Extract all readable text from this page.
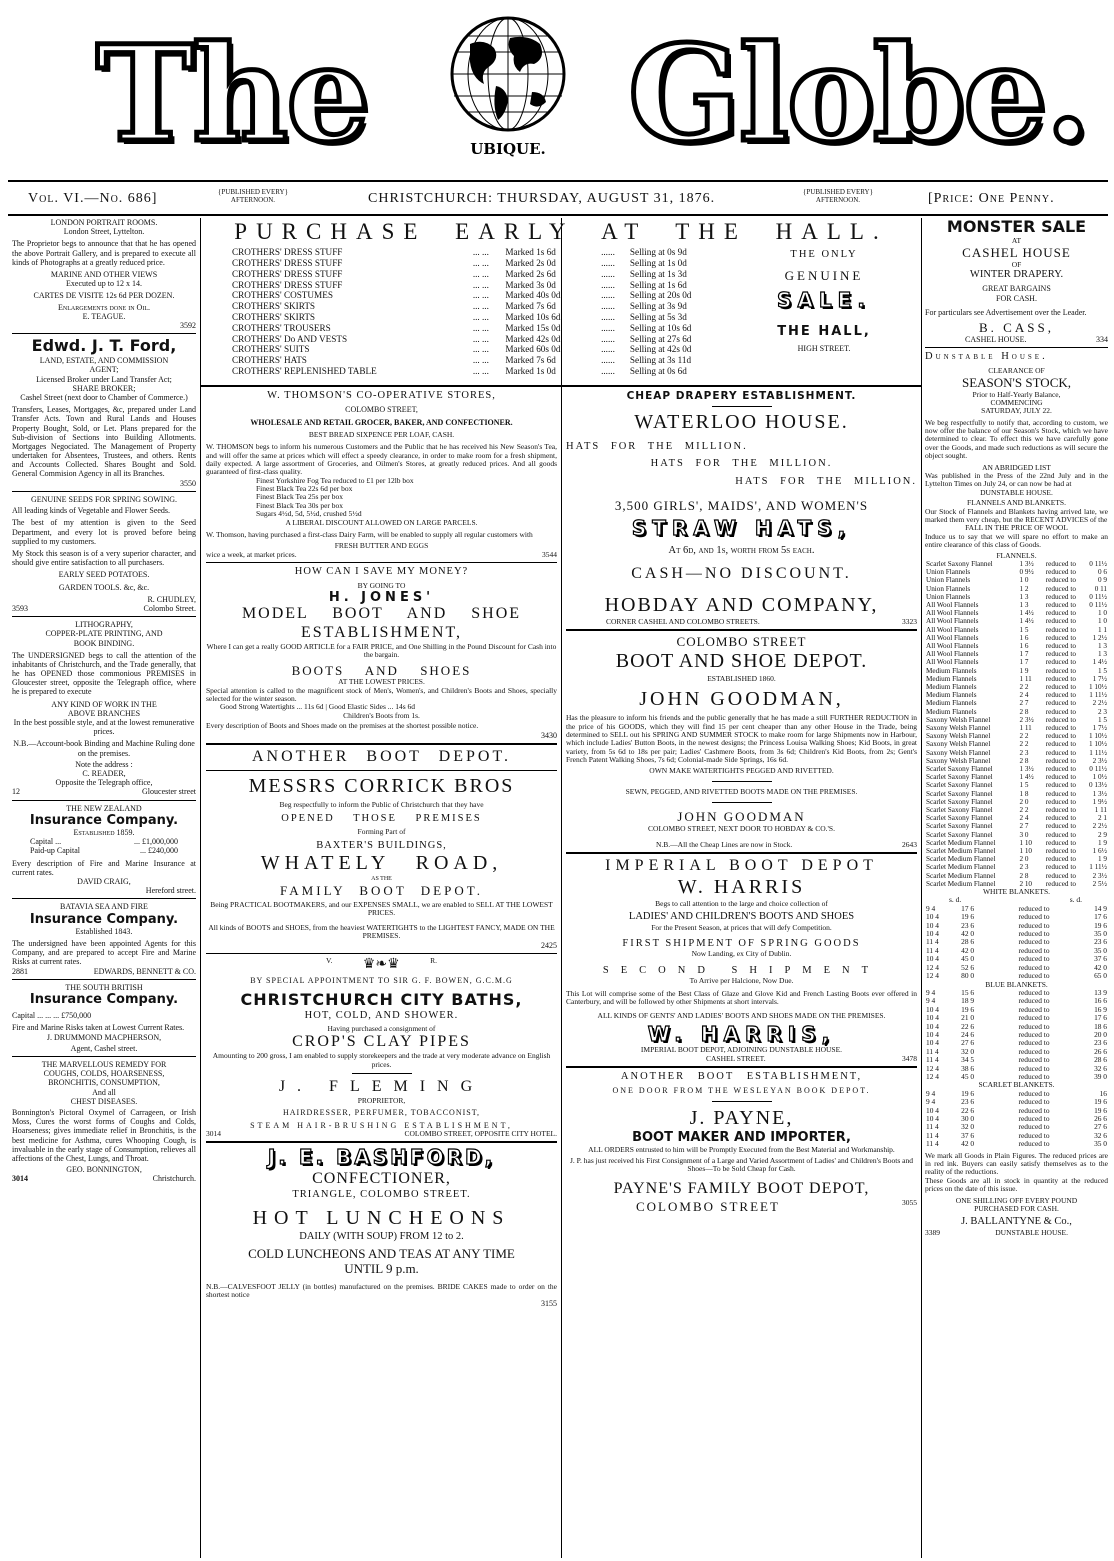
The	UBIQUE. Globe.
Vol. VI.—No. 686]	{PUBLISHED EVERY}
AFTERNOON.	CHRISTCHURCH: THURSDAY, AUGUST 31, 1876.	{PUBLISHED EVERY}
AFTERNOON.	[Price: One Penny.
LONDON PORTRAIT ROOMS.
London Street, Lyttelton.
The Proprietor begs to announce that that he has opened the above Portrait Gallery, and is prepared to execute all kinds of Photographs at a greatly reduced price.
MARINE AND OTHER VIEWS
Executed up to 12 x 14.
CARTES DE VISITE 12s 6d PER DOZEN.
Enlargements done in Oil.
E. TEAGUE.
3592
Edwd. J. T. Ford,
LAND, ESTATE, AND COMMISSION
AGENT;
Licensed Broker under Land Transfer Act;
SHARE BROKER;
Cashel Street (next door to Chamber of Commerce.)
Transfers, Leases, Mortgages, &c, prepared under Land Transfer Acts. Town and Rural Lands and Houses Property Bought, Sold, or Let. Plans prepared for the Sub-division of Sections into Building Allotments. Mortgages Negociated. The Management of Property undertaken for Absentees, Trustees, and others. Rents and Accounts Collected. Shares Bought and Sold. General Commision Agency in all its Branches.
3550
GENUINE SEEDS FOR SPRING SOWING.
All leading kinds of Vegetable and Flower Seeds.
The best of my attention is given to the Seed Department, and every lot is proved before being supplied to my customers.
My Stock this season is of a very superior character, and should give entire satisfaction to all purchasers.
EARLY SEED POTATOES.
GARDEN TOOLS. &c, &c.
R. CHUDLEY,
3593	Colombo Street.
LITHOGRAPHY,
COPPER-PLATE PRINTING, AND
BOOK BINDING.
The UNDERSIGNED begs to call the attention of the inhabitants of Christchurch, and the Trade generally, that he has OPENED those commonious PREMISES in Gloucester street, opposite the Telegraph office, where he is prepared to execute
ANY KIND OF WORK IN THE
ABOVE BRANCHES
In the best possible style, and at the lowest remunerative prices.
N.B.—Account-book Binding and Machine Ruling done on the premises.
Note the address :
C. READER,
Opposite the Telegraph office,
12	Gloucester street
THE NEW ZEALAND
Insurance Company.
Established 1859.
Capital ...	... £1,000,000
Paid-up Capital	... £240,000
Every description of Fire and Marine Insurance at current rates.
DAVID CRAIG,
Hereford street.
BATAVIA SEA AND FIRE
Insurance Company.
Established 1843.
The undersigned have been appointed Agents for this Company, and are prepared to accept Fire and Marine Risks at current rates.
2881	EDWARDS, BENNETT & CO.
THE SOUTH BRITISH
Insurance Company.
Capital ... ... ... £750,000
Fire and Marine Risks taken at Lowest Current Rates.
J. DRUMMOND MACPHERSON,
Agent, Cashel street.
THE MARVELLOUS REMEDY FOR
COUGHS, COLDS, HOARSENESS,
BRONCHITIS, CONSUMPTION,
And all
CHEST DISEASES.
Bonnington's Pictoral Oxymel of Carrageen, or Irish Moss, Cures the worst forms of Coughs and Colds, Hoarseness; gives immediate relief in Bronchitis, is the best medicine for Asthma, cures Whooping Cough, is invaluable in the early stage of Consumption, relieves all affections of the Chest, Lungs, and Throat.
GEO. BONNINGTON,
3014	Christchurch.
PURCHASE EARLY AT THE HALL.
CROTHERS' DRESS STUFF	... ...	Marked 1s 6d	......	Selling at 0s 9d
CROTHERS' DRESS STUFF	... ...	Marked 2s 0d	......	Selling at 1s 0d
CROTHERS' DRESS STUFF	... ...	Marked 2s 6d	......	Selling at 1s 3d
CROTHERS' DRESS STUFF	... ...	Marked 3s 0d	......	Selling at 1s 6d
CROTHERS' COSTUMES	... ...	Marked 40s 0d	......	Selling at 20s 0d
CROTHERS' SKIRTS	... ...	Marked 7s 6d	......	Selling at 3s 9d
CROTHERS' SKIRTS	... ...	Marked 10s 6d	......	Selling at 5s 3d
CROTHERS' TROUSERS	... ...	Marked 15s 0d	......	Selling at 10s 6d
CROTHERS' Do AND VESTS	... ...	Marked 42s 0d	......	Selling at 27s 6d
CROTHERS' SUITS	... ...	Marked 60s 0d	......	Selling at 42s 0d
CROTHERS' HATS	... ...	Marked 7s 6d	......	Selling at 3s 11d
CROTHERS' REPLENISHED TABLE	... ...	Marked 1s 0d	......	Selling at 0s 6d
THE ONLY
GENUINE
SALE.
THE HALL,
HIGH STREET.
W. THOMSON'S CO-OPERATIVE STORES,
COLOMBO STREET,
WHOLESALE AND RETAIL GROCER, BAKER, AND CONFECTIONER.
BEST BREAD SIXPENCE PER LOAF, CASH.
W. THOMSON begs to inform his numerous Customers and the Public that he has received his New Season's Tea, and will offer the same at prices which will effect a speedy clearance, in order to make room for a fresh shipment, daily expected. A large assortment of Groceries, and Oilmen's Stores, at greatly reduced prices. And all goods guaranteed of first-class quality.
Finest Yorkshire Fog Tea reduced to £1 per 12lb box
Finest Black Tea 22s 6d per box
Finest Black Tea 25s per box
Finest Black Tea 30s per box
Sugars 4½d, 5d, 5½d, crushed 5½d
A LIBERAL DISCOUNT ALLOWED ON LARGE PARCELS.
W. Thomson, having purchased a first-class Dairy Farm, will be enabled to supply all regular customers with
FRESH BUTTER AND EGGS
wice a week, at market prices.	3544
HOW CAN I SAVE MY MONEY?
BY GOING TO
H. JONES'
MODEL BOOT AND SHOE
ESTABLISHMENT,
Where I can get a really GOOD ARTICLE for a FAIR PRICE, and One Shilling in the Pound Discount for Cash into the bargain.
BOOTS AND SHOES
AT THE LOWEST PRICES.
Special attention is called to the magnificent stock of Men's, Women's, and Children's Boots and Shoes, specially selected for the winter season.
Good Strong Watertights ... 11s 6d | Good Elastic Sides ... 14s 6d
Children's Boots from 1s.
Every description of Boots and Shoes made on the premises at the shortest possible notice.
3430
ANOTHER BOOT DEPOT.
MESSRS CORRICK BROS
Beg respectfully to inform the Public of Christchurch that they have
OPENED THOSE PREMISES
Forming Part of
BAXTER'S BUILDINGS,
WHATELY ROAD,
AS THE
FAMILY BOOT DEPOT.
Being PRACTICAL BOOTMAKERS, and our EXPENSES SMALL, we are enabled to SELL AT THE LOWEST PRICES.
All kinds of BOOTS and SHOES, from the heaviest WATERTIGHTS to the LIGHTEST FANCY, MADE ON THE PREMISES.
2425
V. ♛❧♛	R.
BY SPECIAL APPOINTMENT TO SIR G. F. BOWEN, G.C.M.G
CHRISTCHURCH CITY BATHS,
HOT, COLD, AND SHOWER.
Having purchased a consignment of
CROP'S CLAY PIPES
Amounting to 200 gross, I am enabled to supply storekeepers and the trade at very moderate advance on English prices.
J. FLEMING
PROPRIETOR,
HAIRDRESSER, PERFUMER, TOBACCONIST,
STEAM HAIR-BRUSHING ESTABLISHMENT,
3014	COLOMBO STREET, OPPOSITE CITY HOTEL.
J. E. BASHFORD,
CONFECTIONER,
TRIANGLE, COLOMBO STREET.
HOT LUNCHEONS
DAILY (WITH SOUP) FROM 12 to 2.
COLD LUNCHEONS AND TEAS AT ANY TIME
UNTIL 9 p.m.
N.B.—CALVESFOOT JELLY (in bottles) manufactured on the premises. BRIDE CAKES made to order on the shortest notice
3155
CHEAP DRAPERY ESTABLISHMENT.
WATERLOO HOUSE.
HATS FOR THE MILLION.
HATS FOR THE MILLION.
HATS FOR THE MILLION.
3,500 GIRLS', MAIDS', AND WOMEN'S
STRAW HATS,
At 6d, and 1s, worth from 5s each.
CASH—NO DISCOUNT.
HOBDAY AND COMPANY,
CORNER CASHEL AND COLOMBO STREETS.	3323
COLOMBO STREET
BOOT AND SHOE DEPOT.
ESTABLISHED 1860.
JOHN GOODMAN,
Has the pleasure to inform his friends and the public generally that he has made a still FURTHER REDUCTION in the price of his GOODS, which they will find 15 per cent cheaper than any other House in the Trade, being determined to SELL out his SPRING AND SUMMER STOCK to make room for large Shipments now in Harbour, which include Ladies' Button Boots, in the newest designs; the Princess Louisa Walking Shoes; Kid Boots, in great variety, from 5s 6d to 18s per pair; Ladies' Cashmere Boots, from 3s 6d; Children's Kid Boots, from 2s; Gent's French Patent Walking Shoes, 7s 6d; Colonial-made Side Springs, 16s 6d.
OWN MAKE WATERTIGHTS PEGGED AND RIVETTED.
SEWN, PEGGED, AND RIVETTED BOOTS MADE ON THE PREMISES.
JOHN GOODMAN
COLOMBO STREET, NEXT DOOR TO HOBDAY & CO.'S.
N.B.—All the Cheap Lines are now in Stock.	2643
IMPERIAL BOOT DEPOT
W. HARRIS
Begs to call attention to the large and choice collection of
LADIES' AND CHILDREN'S BOOTS AND SHOES
For the Present Season, at prices that will defy Competition.
FIRST SHIPMENT OF SPRING GOODS
Now Landing, ex City of Dublin.
SECOND SHIPMENT
To Arrive per Halcione, Now Due.
This Lot will comprise some of the Best Class of Glaze and Glove Kid and French Lasting Boots ever offered in Canterbury, and will be followed by other Shipments at short intervals.
ALL KINDS OF GENTS' AND LADIES' BOOTS AND SHOES MADE ON THE PREMISES.
W. HARRIS,
IMPERIAL BOOT DEPOT, ADJOINING DUNSTABLE HOUSE.
CASHEL STREET.	3478
ANOTHER BOOT ESTABLISHMENT,
ONE DOOR FROM THE WESLEYAN BOOK DEPOT.
J. PAYNE,
BOOT MAKER AND IMPORTER,
ALL ORDERS entrusted to him will be Promptly Executed from the Best Material and Workmanship.
J. P. has just received his First Consignment of a Large and Varied Assortment of Ladies' and Children's Boots and Shoes—To be Sold Cheap for Cash.
PAYNE'S FAMILY BOOT DEPOT,
COLOMBO STREET	3055
MONSTER SALE
AT
CASHEL HOUSE
OF
WINTER DRAPERY.
GREAT BARGAINS
FOR CASH.
For particulars see Advertisement over the Leader.
B. CASS,
CASHEL HOUSE.	334
Dunstable House.
CLEARANCE OF
SEASON'S STOCK,
Prior to Half-Yearly Balance,
COMMENCING
SATURDAY, JULY 22.
We beg respectfully to notify that, according to custom, we now offer the balance of our Season's Stock, which we have determined to clear. To effect this we have carefully gone over the Goods, and made such reductions as will secure the object sought.
AN ABRIDGED LIST
Was published in the Press of the 22nd July and in the Lyttelton Times on July 24, or can now be had at
DUNSTABLE HOUSE.
FLANNELS AND BLANKETS.
Our Stock of Flannels and Blankets having arrived late, we marked them very cheap, but the RECENT ADVICES of the
FALL IN THE PRICE OF WOOL
Induce us to say that we will spare no effort to make an entire clearance of this class of Goods.
FLANNELS.
Scarlet Saxony Flannel	1 3½	reduced to	0 11½
Union Flannels	0 9½	reduced to	0 6
Union Flannels	1 0	reduced to	0 9
Union Flannels	1 2	reduced to	0 11
Union Flannels	1 3	reduced to	0 11½
All Wool Flannels	1 3	reduced to	0 11½
All Wool Flannels	1 4½	reduced to	1 0
All Wool Flannels	1 4½	reduced to	1 0
All Wool Flannels	1 5	reduced to	1 1
All Wool Flannels	1 6	reduced to	1 2½
All Wool Flannels	1 6	reduced to	1 3
All Wool Flannels	1 7	reduced to	1 3
All Wool Flannels	1 7	reduced to	1 4½
Medium Flannels	1 9	reduced to	1 5
Medium Flannels	1 11	reduced to	1 7½
Medium Flannels	2 2	reduced to	1 10½
Medium Flannels	2 4	reduced to	1 11½
Medium Flannels	2 7	reduced to	2 2½
Medium Flannels	2 8	reduced to	2 3
Saxony Welsh Flannel	2 3½	reduced to	1 5
Saxony Welsh Flannel	1 11	reduced to	1 7½
Saxony Welsh Flannel	2 2	reduced to	1 10½
Saxony Welsh Flannel	2 2	reduced to	1 10½
Saxony Welsh Flannel	2 3	reduced to	1 11½
Saxony Welsh Flannel	2 8	reduced to	2 3½
Scarlet Saxony Flannel	1 3½	reduced to	0 11½
Scarlet Saxony Flannel	1 4½	reduced to	1 0½
Scarlet Saxony Flannel	1 5	reduced to	0 13½
Scarlet Saxony Flannel	1 8	reduced to	1 3½
Scarlet Saxony Flannel	2 0	reduced to	1 9½
Scarlet Saxony Flannel	2 2	reduced to	1 11
Scarlet Saxony Flannel	2 4	reduced to	2 1
Scarlet Saxony Flannel	2 7	reduced to	2 2½
Scarlet Saxony Flannel	3 0	reduced to	2 9
Scarlet Medium Flannel	1 10	reduced to	1 9
Scarlet Medium Flannel	1 10	reduced to	1 6½
Scarlet Medium Flannel	2 0	reduced to	1 9
Scarlet Medium Flannel	2 3	reduced to	1 11½
Scarlet Medium Flannel	2 8	reduced to	2 3½
Scarlet Medium Flannel	2 10	reduced to	2 5½
WHITE BLANKETS.
s. d.	s. d.
9 4	17 6	reduced to	14 9
10 4	19 6	reduced to	17 6
10 4	23 6	reduced to	19 6
10 4	42 0	reduced to	35 0
11 4	28 6	reduced to	23 6
11 4	42 0	reduced to	35 0
10 4	45 0	reduced to	37 6
12 4	52 6	reduced to	42 0
12 4	80 0	reduced to	65 0
BLUE BLANKETS.
9 4	15 6	reduced to	13 9
9 4	18 9	reduced to	16 6
10 4	19 6	reduced to	16 9
10 4	21 0	reduced to	17 6
10 4	22 6	reduced to	18 6
10 4	24 6	reduced to	20 0
10 4	27 6	reduced to	23 6
11 4	32 0	reduced to	26 6
11 4	34 5	reduced to	28 6
12 4	38 6	reduced to	32 6
12 4	45 0	reduced to	39 0
SCARLET BLANKETS.
9 4	19 6	reduced to	16
9 4	23 6	reduced to	19 6
10 4	22 6	reduced to	19 6
10 4	30 0	reduced to	26 6
11 4	32 0	reduced to	27 6
11 4	37 6	reduced to	32 6
11 4	42 0	reduced to	35 0
We mark all Goods in Plain Figures. The reduced prices are in red ink. Buyers can easily satisfy themselves as to the reality of the reductions.
These Goods are all in stock in quantity at the reduced prices on the date of this issue.
ONE SHILLING OFF EVERY POUND
PURCHASED FOR CASH.
J. BALLANTYNE & Co.,
3389	DUNSTABLE HOUSE.
